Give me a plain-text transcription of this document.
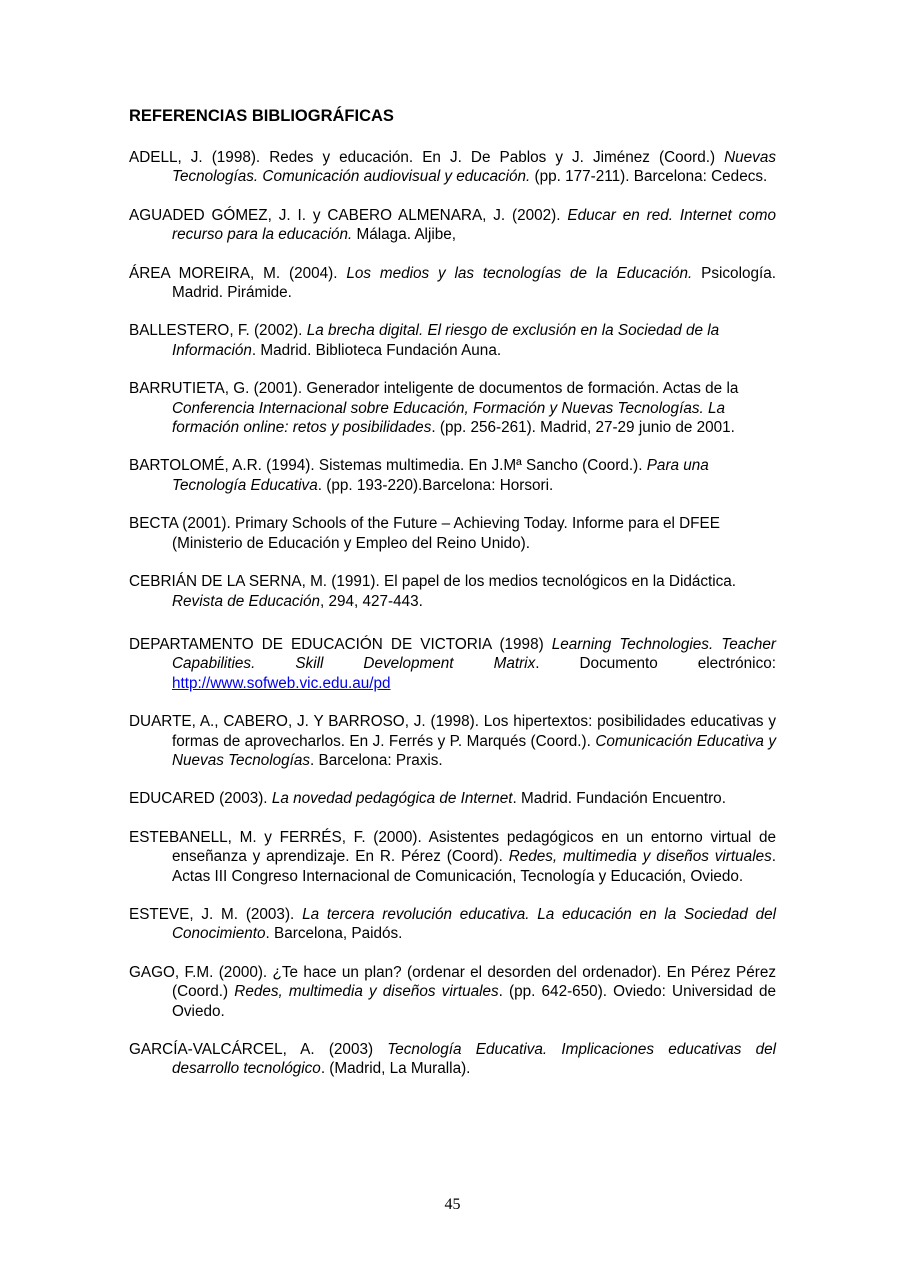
REFERENCIAS BIBLIOGRÁFICAS

ADELL, J. (1998). Redes y educación. En J. De Pablos y J. Jiménez (Coord.) Nuevas Tecnologías. Comunicación audiovisual y educación. (pp. 177-211). Barcelona: Cedecs.

AGUADED GÓMEZ, J. I. y CABERO ALMENARA, J. (2002). Educar en red. Internet como recurso para la educación. Málaga. Aljibe,

ÁREA MOREIRA, M. (2004). Los medios y las tecnologías de la Educación. Psicología. Madrid. Pirámide.

BALLESTERO, F. (2002). La brecha digital. El riesgo de exclusión en la Sociedad de la Información. Madrid. Biblioteca Fundación Auna.

BARRUTIETA, G. (2001). Generador inteligente de documentos de formación. Actas de la Conferencia Internacional sobre Educación, Formación y Nuevas Tecnologías. La formación online: retos y posibilidades. (pp. 256-261). Madrid, 27-29 junio de 2001.

BARTOLOMÉ, A.R. (1994). Sistemas multimedia. En J.Mª Sancho (Coord.). Para una Tecnología Educativa. (pp. 193-220).Barcelona: Horsori.

BECTA (2001). Primary Schools of the Future – Achieving Today. Informe para el DFEE (Ministerio de Educación y Empleo del Reino Unido).

CEBRIÁN DE LA SERNA, M. (1991). El papel de los medios tecnológicos en la Didáctica. Revista de Educación, 294, 427-443.

DEPARTAMENTO DE EDUCACIÓN DE VICTORIA (1998) Learning Technologies. Teacher Capabilities. Skill Development Matrix. Documento electrónico: http://www.sofweb.vic.edu.au/pd

DUARTE, A., CABERO, J. Y BARROSO, J. (1998). Los hipertextos: posibilidades educativas y formas de aprovecharlos. En J. Ferrés y P. Marqués (Coord.). Comunicación Educativa y Nuevas Tecnologías. Barcelona: Praxis.

EDUCARED (2003). La novedad pedagógica de Internet. Madrid. Fundación Encuentro.

ESTEBANELL, M. y FERRÉS, F. (2000). Asistentes pedagógicos en un entorno virtual de enseñanza y aprendizaje. En R. Pérez (Coord). Redes, multimedia y diseños virtuales. Actas III Congreso Internacional de Comunicación, Tecnología y Educación, Oviedo.

ESTEVE, J. M. (2003). La tercera revolución educativa. La educación en la Sociedad del Conocimiento. Barcelona, Paidós.

GAGO, F.M. (2000). ¿Te hace un plan? (ordenar el desorden del ordenador). En Pérez Pérez (Coord.) Redes, multimedia y diseños virtuales. (pp. 642-650). Oviedo: Universidad de Oviedo.

GARCÍA-VALCÁRCEL, A. (2003) Tecnología Educativa. Implicaciones educativas del desarrollo tecnológico. (Madrid, La Muralla).

45
